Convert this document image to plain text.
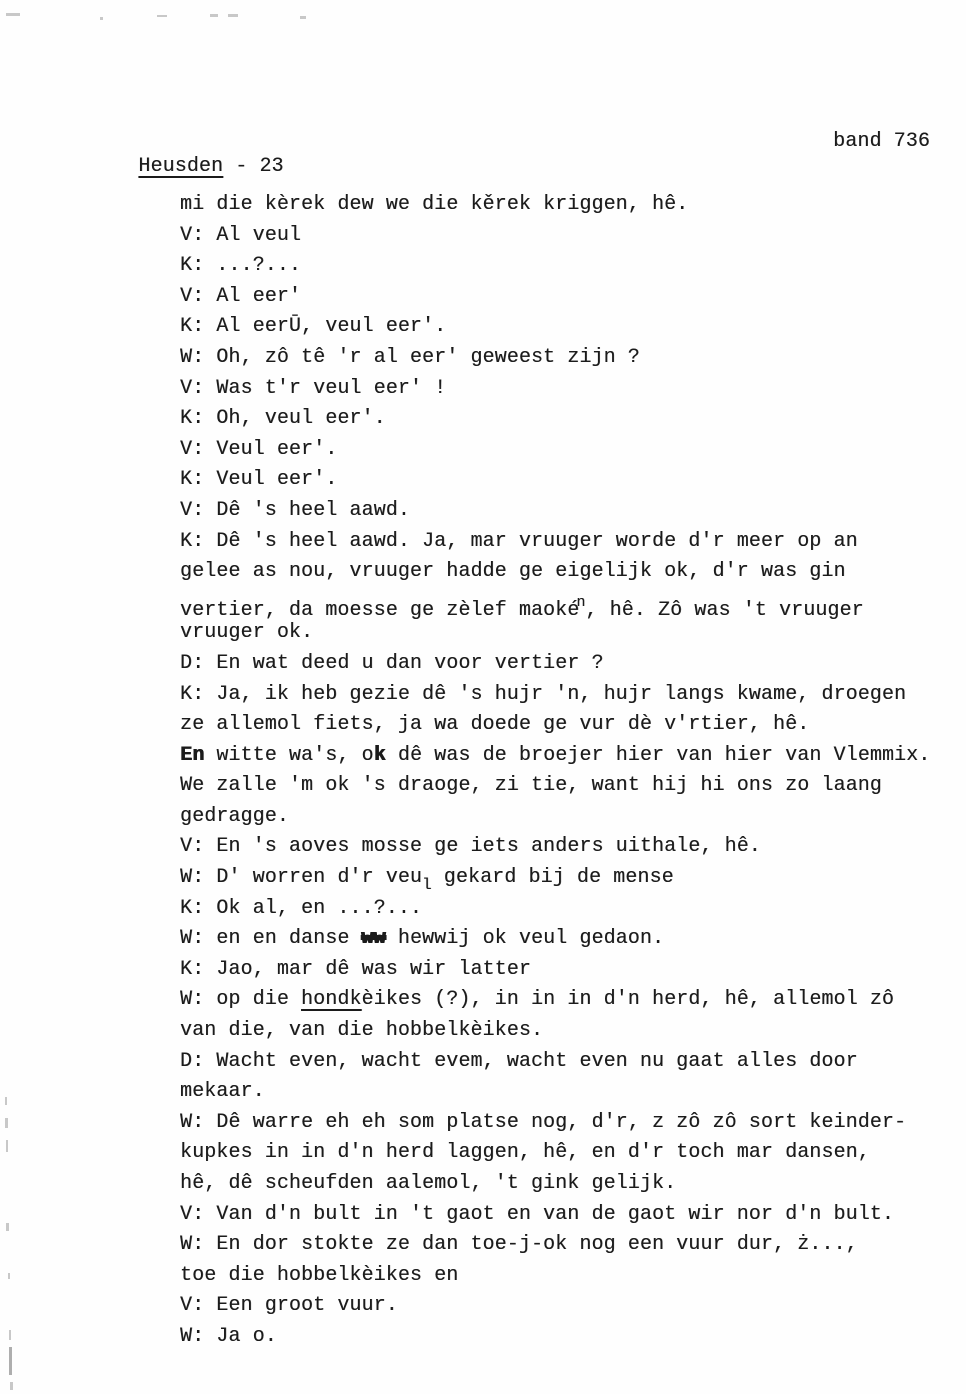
Heusden - 23

band 736
mi die kèrek dew we die kěrek kriggen, hê.
V: Al veul
K: ...?...
V: Al eer'
K: Al eerŪ, veul eer'.
W: Oh, zô tê 'r al eer' geweest zijn ?
V: Was t'r veul eer' !
K: Oh, veul eer'.
V: Veul eer'.
K: Veul eer'.
V: Dê 's heel aawd.
K: Dê 's heel aawd. Ja, mar vruuger worde d'r meer op an
gelee as nou, vruuger hadde ge eigelijk ok, d'r was gin
vertier, da moesse ge zèlef maoké$^n$, hê. Zô was 't vruuger
vruuger ok.
D: En wat deed u dan voor vertier ?
K: Ja, ik heb gezie dê 's hujr 'n, hujr langs kwame, droegen
ze allemol fiets, ja wa doede ge vur dè v'rtier, hê.
En witte wa's, ok dê was de broejer hier van hier van Vlemmix.
We zalle 'm ok 's draoge, zi tie, want hij hi ons zo laang
gedragge.
V: En 's aoves mosse ge iets anders uithale, hê.
W: D' worren d'r veu$_l$ gekard bij de mense
K: Ok al, en ...?...
W: en en danse ww hewwij ok veul gedaon.
K: Jao, mar dê was wir latter
W: op die hondkèikes (?), in in in d'n herd, hê, allemol zô
van die, van die hobbelkèikes.
D: Wacht even, wacht evem, wacht even nu gaat alles door
mekaar.
W: Dê warre eh eh som platse nog, d'r, z zô zô sort keinder-
kupkes in in d'n herd laggen, hê, en d'r toch mar dansen,
hê, dê scheufden aalemol, 't gink gelijk.
V: Van d'n bult in 't gaot en van de gaot wir nor d'n bult.
W: En dor stokte ze dan toe-j-ok nog een vuur dur, ż...,
toe die hobbelkèikes en
V: Een groot vuur.
W: Ja o.
